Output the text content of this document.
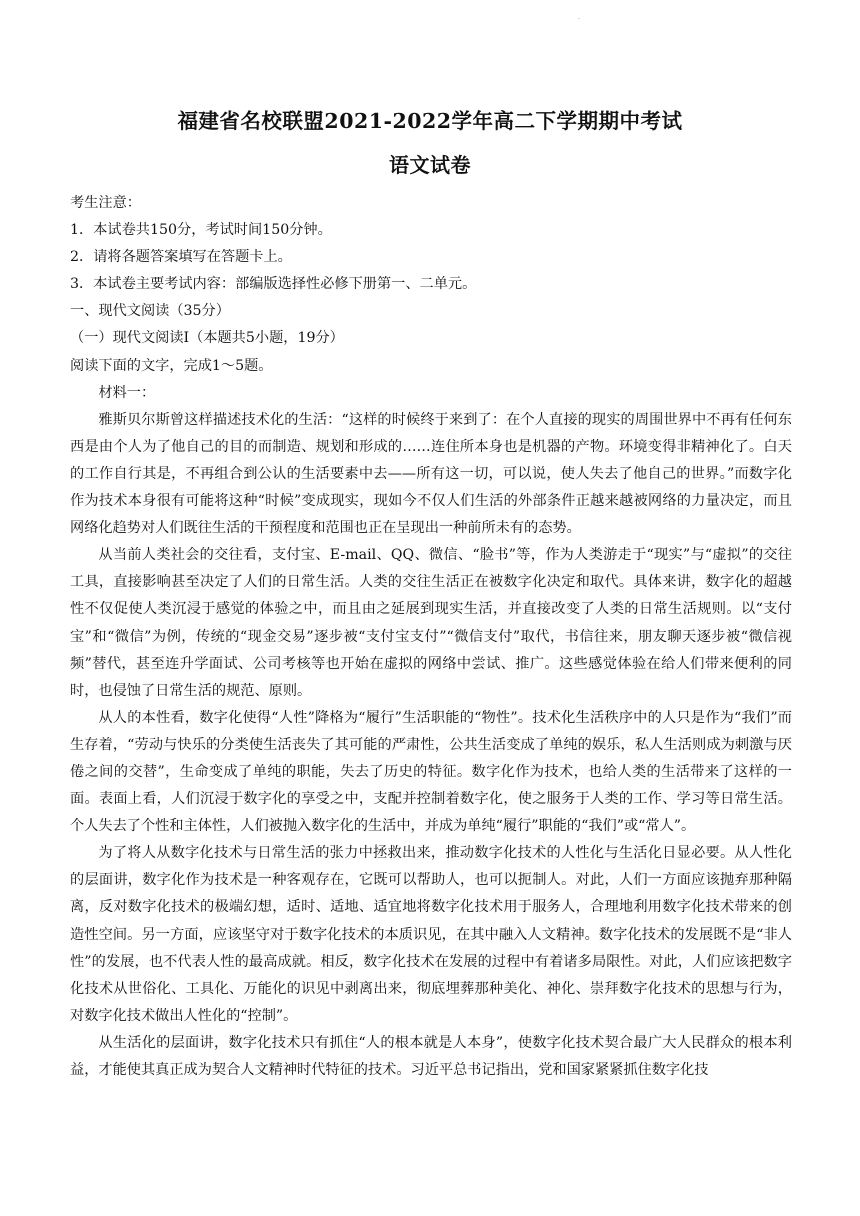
.
福建省名校联盟2021-2022学年高二下学期期中考试
语文试卷
考生注意：
1．本试卷共150分，考试时间150分钟。
2．请将各题答案填写在答题卡上。
3．本试卷主要考试内容：部编版选择性必修下册第一、二单元。
一、现代文阅读（35分）
（一）现代文阅读Ⅰ（本题共5小题，19分）
阅读下面的文字，完成1～5题。
材料一：

雅斯贝尔斯曾这样描述技术化的生活：“这样的时候终于来到了：在个人直接的现实的周围世界中不再有任何东西是由个人为了他自己的目的而制造、规划和形成的……连住所本身也是机器的产物。环境变得非精神化了。白天的工作自行其是，不再组合到公认的生活要素中去——所有这一切，可以说，使人失去了他自己的世界。”而数字化作为技术本身很有可能将这种“时候”变成现实，现如今不仅人们生活的外部条件正越来越被网络的力量决定，而且网络化趋势对人们既往生活的干预程度和范围也正在呈现出一种前所未有的态势。

从当前人类社会的交往看，支付宝、E-mail、QQ、微信、“脸书”等，作为人类游走于“现实”与“虚拟”的交往工具，直接影响甚至决定了人们的日常生活。人类的交往生活正在被数字化决定和取代。具体来讲，数字化的超越性不仅促使人类沉浸于感觉的体验之中，而且由之延展到现实生活，并直接改变了人类的日常生活规则。以“支付宝”和“微信”为例，传统的“现金交易”逐步被“支付宝支付”“微信支付”取代，书信往来，朋友聊天逐步被“微信视频”替代，甚至连升学面试、公司考核等也开始在虚拟的网络中尝试、推广。这些感觉体验在给人们带来便利的同时，也侵蚀了日常生活的规范、原则。

从人的本性看，数字化使得“人性”降格为“履行”生活职能的“物性”。技术化生活秩序中的人只是作为“我们”而生存着，“劳动与快乐的分类使生活丧失了其可能的严肃性，公共生活变成了单纯的娱乐，私人生活则成为刺激与厌倦之间的交替”，生命变成了单纯的职能，失去了历史的特征。数字化作为技术，也给人类的生活带来了这样的一面。表面上看，人们沉浸于数字化的享受之中，支配并控制着数字化，使之服务于人类的工作、学习等日常生活。个人失去了个性和主体性，人们被抛入数字化的生活中，并成为单纯“履行”职能的“我们”或“常人”。

为了将人从数字化技术与日常生活的张力中拯救出来，推动数字化技术的人性化与生活化日显必要。从人性化的层面讲，数字化作为技术是一种客观存在，它既可以帮助人，也可以扼制人。对此，人们一方面应该抛弃那种隔离，反对数字化技术的极端幻想，适时、适地、适宜地将数字化技术用于服务人，合理地利用数字化技术带来的创造性空间。另一方面，应该坚守对于数字化技术的本质识见，在其中融入人文精神。数字化技术的发展既不是“非人性”的发展，也不代表人性的最高成就。相反，数字化技术在发展的过程中有着诸多局限性。对此，人们应该把数字化技术从世俗化、工具化、万能化的识见中剥离出来，彻底埋葬那种美化、神化、崇拜数字化技术的思想与行为，对数字化技术做出人性化的“控制”。

从生活化的层面讲，数字化技术只有抓住“人的根本就是人本身”，使数字化技术契合最广大人民群众的根本利益，才能使其真正成为契合人文精神时代特征的技术。习近平总书记指出，党和国家紧紧抓住数字化技
